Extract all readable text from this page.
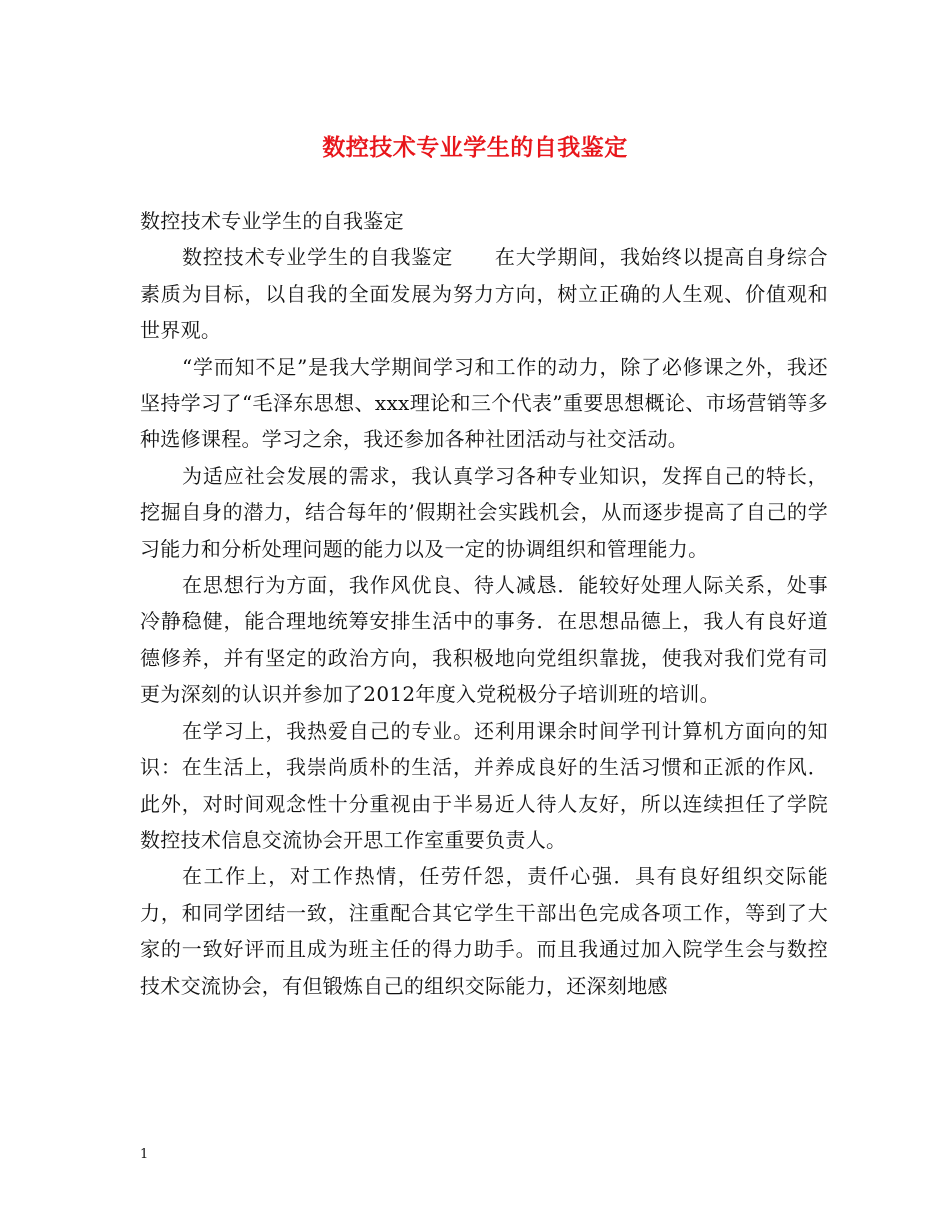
数控技术专业学生的自我鉴定

数控技术专业学生的自我鉴定

数控技术专业学生的自我鉴定　　在大学期间，我始终以提高自身综合素质为目标，以自我的全面发展为努力方向，树立正确的人生观、价值观和世界观。

“学而知不足”是我大学期间学习和工作的动力，除了必修课之外，我还坚持学习了“毛泽东思想、xxx理论和三个代表”重要思想概论、市场营销等多种选修课程。学习之余，我还参加各种社团活动与社交活动。

为适应社会发展的需求，我认真学习各种专业知识，发挥自己的特长，挖掘自身的潜力，结合每年的’假期社会实践机会，从而逐步提高了自己的学习能力和分析处理问题的能力以及一定的协调组织和管理能力。

在思想行为方面，我作风优良、待人减恳．能较好处理人际关系，处事冷静稳健，能合理地统筹安排生活中的事务．在思想品德上，我人有良好道德修养，并有坚定的政治方向，我积极地向党组织靠拢，使我对我们党有司更为深刻的认识并参加了2012年度入党税极分子培训班的培训。

在学习上，我热爱自己的专业。还利用课余时间学刊计算机方面向的知识：在生活上，我崇尚质朴的生活，并养成良好的生活习惯和正派的作风．此外，对时间观念性十分重视由于半易近人待人友好，所以连续担任了学院数控技术信息交流协会开思工作室重要负责人。

在工作上，对工作热情，任劳仟怨，责仟心强．具有良好组织交际能力，和同学团结一致，注重配合其它学生干部出色完成各项工作，等到了大家的一致好评而且成为班主任的得力助手。而且我通过加入院学生会与数控技术交流协会，有但锻炼自己的组织交际能力，还深刻地感

1
